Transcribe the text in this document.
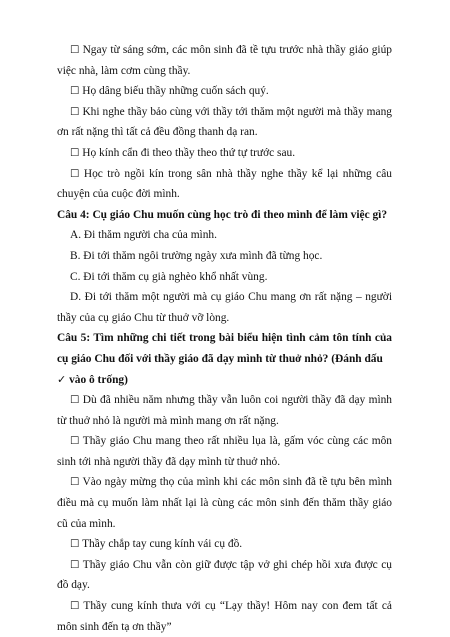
☐ Ngay từ sáng sớm, các môn sinh đã tề tựu trước nhà thầy giáo giúp việc nhà, làm cơm cùng thầy.

☐ Họ dâng biếu thầy những cuốn sách quý.

☐ Khi nghe thầy bảo cùng với thầy tới thăm một người mà thầy mang ơn rất nặng thì tất cả đều đồng thanh dạ ran.

☐ Họ kính cẩn đi theo thầy theo thứ tự trước sau.

☐ Học trò ngồi kín trong sân nhà thầy nghe thầy kể lại những câu chuyện của cuộc đời mình.

Câu 4: Cụ giáo Chu muốn cùng học trò đi theo mình để làm việc gì?

A. Đi thăm người cha của mình.

B. Đi tới thăm ngôi trường ngày xưa mình đã từng học.

C. Đi tới thăm cụ già nghèo khổ nhất vùng.

D. Đi tới thăm một người mà cụ giáo Chu mang ơn rất nặng – người thầy của cụ giáo Chu từ thuở vỡ lòng.

Câu 5: Tìm những chi tiết trong bài biểu hiện tình cảm tôn tính của cụ giáo Chu đối với thầy giáo đã dạy mình từ thuở nhỏ? (Đánh dấu
✓ vào ô trống)

☐ Dù đã nhiều năm nhưng thầy vẫn luôn coi người thầy đã dạy mình từ thuở nhỏ là người mà mình mang ơn rất nặng.

☐ Thầy giáo Chu mang theo rất nhiều lụa là, gấm vóc cùng các môn sinh tới nhà người thầy đã dạy mình từ thuở nhỏ.

☐ Vào ngày mừng thọ của mình khi các môn sinh đã tề tựu bên mình điều mà cụ muốn làm nhất lại là cùng các môn sinh đến thăm thầy giáo cũ của mình.

☐ Thầy chắp tay cung kính vái cụ đồ.

☐ Thầy giáo Chu vẫn còn giữ được tập vở ghi chép hồi xưa được cụ đồ dạy.

☐ Thầy cung kính thưa với cụ “Lạy thầy! Hôm nay con đem tất cả môn sinh đến tạ ơn thầy”
